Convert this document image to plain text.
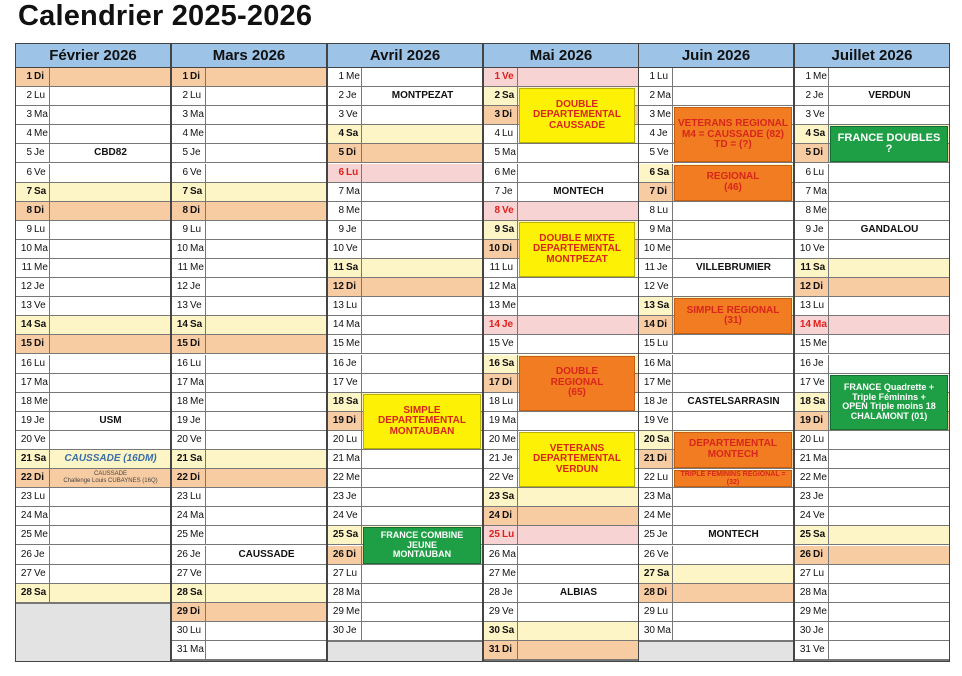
Calendrier 2025-2026
Février 2026
1 Di
2 Lu
3 Ma
4 Me
5 Je
6 Ve
7 Sa
8 Di
9 Lu
10 Ma
11 Me
12 Je
13 Ve
14 Sa
15 Di
16 Lu
17 Ma
18 Me
19 Je
20 Ve
21 Sa
22 Di
23 Lu
24 Ma
25 Me
26 Je
27 Ve
28 Sa
Mars 2026
1 Di
2 Lu
3 Ma
4 Me
5 Je
6 Ve
7 Sa
8 Di
9 Lu
10 Ma
11 Me
12 Je
13 Ve
14 Sa
15 Di
16 Lu
17 Ma
18 Me
19 Je
20 Ve
21 Sa
22 Di
23 Lu
24 Ma
25 Me
26 Je
27 Ve
28 Sa
29 Di
30 Lu
31 Ma
Avril 2026
1 Me
2 Je
3 Ve
4 Sa
5 Di
6 Lu
7 Ma
8 Me
9 Je
10 Ve
11 Sa
12 Di
13 Lu
14 Ma
15 Me
16 Je
17 Ve
18 Sa
19 Di
20 Lu
21 Ma
22 Me
23 Je
24 Ve
25 Sa
26 Di
27 Lu
28 Ma
29 Me
30 Je
Mai 2026
1 Ve
2 Sa
3 Di
4 Lu
5 Ma
6 Me
7 Je
8 Ve
9 Sa
10 Di
11 Lu
12 Ma
13 Me
14 Je
15 Ve
16 Sa
17 Di
18 Lu
19 Ma
20 Me
21 Je
22 Ve
23 Sa
24 Di
25 Lu
26 Ma
27 Me
28 Je
29 Ve
30 Sa
31 Di
Juin 2026
1 Lu
2 Ma
3 Me
4 Je
5 Ve
6 Sa
7 Di
8 Lu
9 Ma
10 Me
11 Je
12 Ve
13 Sa
14 Di
15 Lu
16 Ma
17 Me
18 Je
19 Ve
20 Sa
21 Di
22 Lu
23 Ma
24 Me
25 Je
26 Ve
27 Sa
28 Di
29 Lu
30 Ma
Juillet 2026
1 Me
2 Je
3 Ve
4 Sa
5 Di
6 Lu
7 Ma
8 Me
9 Je
10 Ve
11 Sa
12 Di
13 Lu
14 Ma
15 Me
16 Je
17 Ve
18 Sa
19 Di
20 Lu
21 Ma
22 Me
23 Je
24 Ve
25 Sa
26 Di
27 Lu
28 Ma
29 Me
30 Je
31 Ve
SIMPLE
DEPARTEMENTAL
MONTAUBAN
FRANCE COMBINE
JEUNE
MONTAUBAN
DOUBLE
DEPARTEMENTAL
CAUSSADE
DOUBLE MIXTE
DEPARTEMENTAL
MONTPEZAT
DOUBLE
REGIONAL
(65)
VETERANS
DEPARTEMENTAL
VERDUN
VETERANS REGIONAL
M4 = CAUSSADE (82)
TD = (?)
REGIONAL
(46)
SIMPLE REGIONAL
(31)
DEPARTEMENTAL
MONTECH
TRIPLE FEMININS REGIONAL = (32)
FRANCE DOUBLES
?
FRANCE Quadrette +
Triple Féminins +
OPEN Triple moins 18
CHALAMONT (01)
CBD82
USM
CAUSSADE
MONTPEZAT
MONTECH
ALBIAS
VILLEBRUMIER
CASTELSARRASIN
MONTECH
VERDUN
GANDALOU
CAUSSADE (16DM)
CAUSSADE
Challenge Louis CUBAYNES (16Q)
